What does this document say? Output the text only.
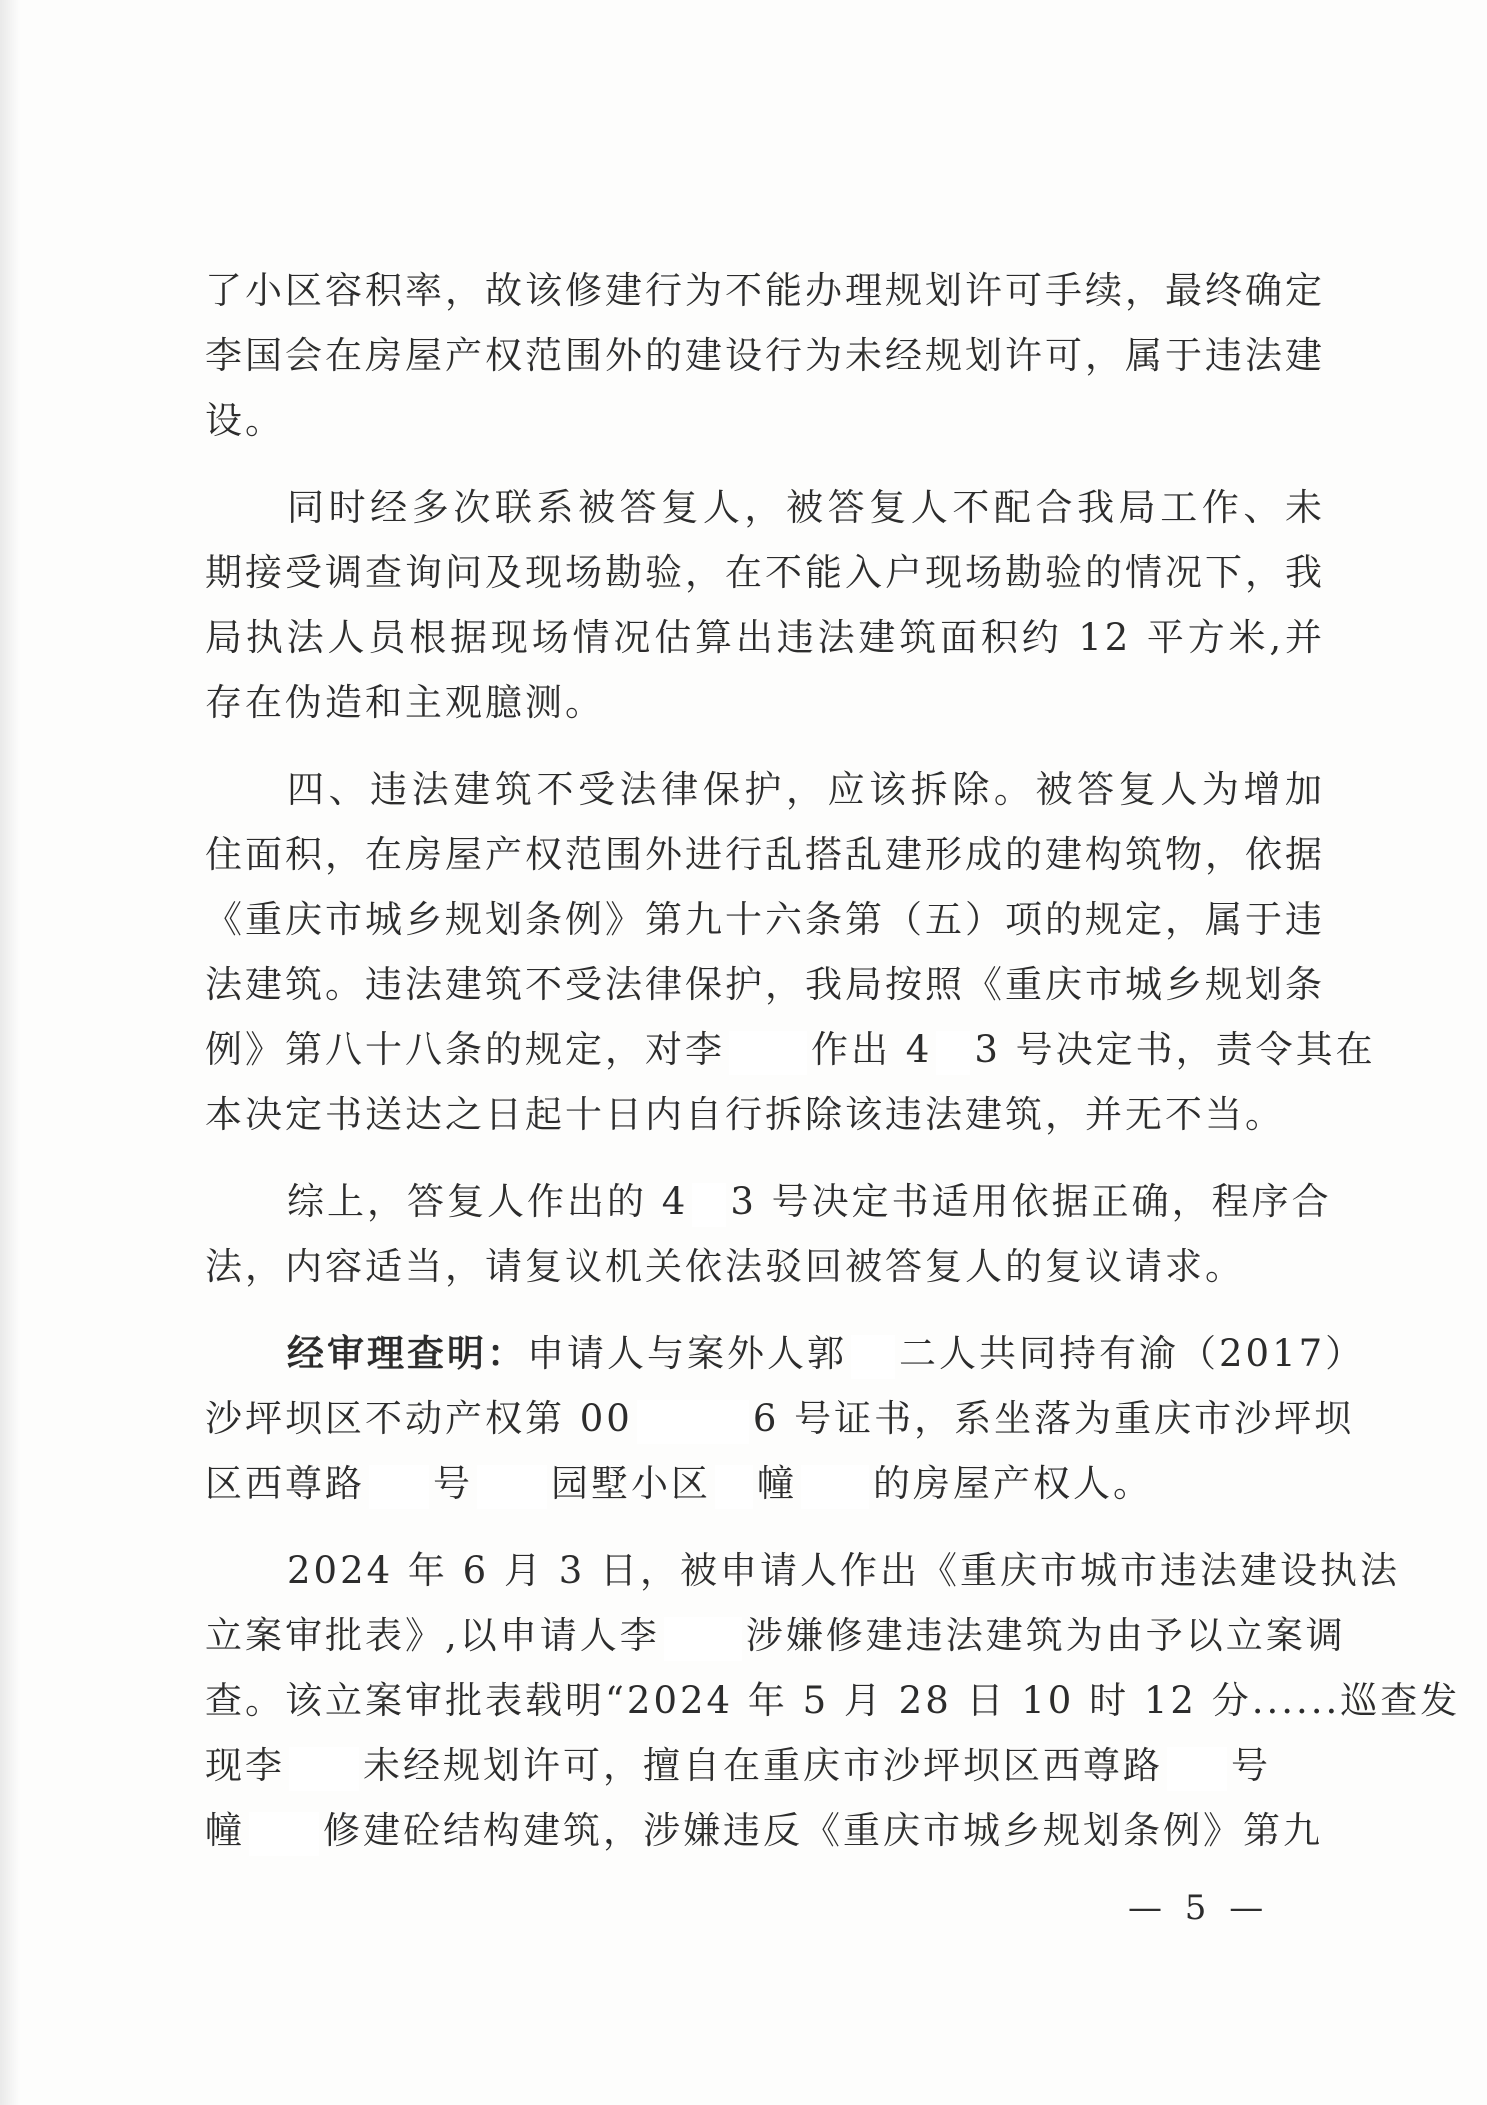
了小区容积率，故该修建行为不能办理规划许可手续，最终确定
李国会在房屋产权范围外的建设行为未经规划许可，属于违法建
设。
同时经多次联系被答复人，被答复人不配合我局工作、未
期接受调查询问及现场勘验，在不能入户现场勘验的情况下，我
局执法人员根据现场情况估算出违法建筑面积约 12 平方米,并
存在伪造和主观臆测。
四、违法建筑不受法律保护，应该拆除。被答复人为增加
住面积，在房屋产权范围外进行乱搭乱建形成的建构筑物，依据
《重庆市城乡规划条例》第九十六条第（五）项的规定，属于违
法建筑。违法建筑不受法律保护，我局按照《重庆市城乡规划条
例》第八十八条的规定，对李 作出 4 3 号决定书，责令其在
本决定书送达之日起十日内自行拆除该违法建筑，并无不当。
综上，答复人作出的 4 3 号决定书适用依据正确，程序合
法，内容适当，请复议机关依法驳回被答复人的复议请求。
经审理查明：申请人与案外人郭 二人共同持有渝（2017）
沙坪坝区不动产权第 00	6 号证书，系坐落为重庆市沙坪坝
区西尊路 号 园墅小区 幢 的房屋产权人。
2024 年 6 月 3 日，被申请人作出《重庆市城市违法建设执法
立案审批表》,以申请人李 涉嫌修建违法建筑为由予以立案调
查。该立案审批表载明“2024 年 5 月 28 日 10 时 12 分......巡查发
现李 未经规划许可，擅自在重庆市沙坪坝区西尊路 号
幢 修建砼结构建筑，涉嫌违反《重庆市城乡规划条例》第九
— 5 —
